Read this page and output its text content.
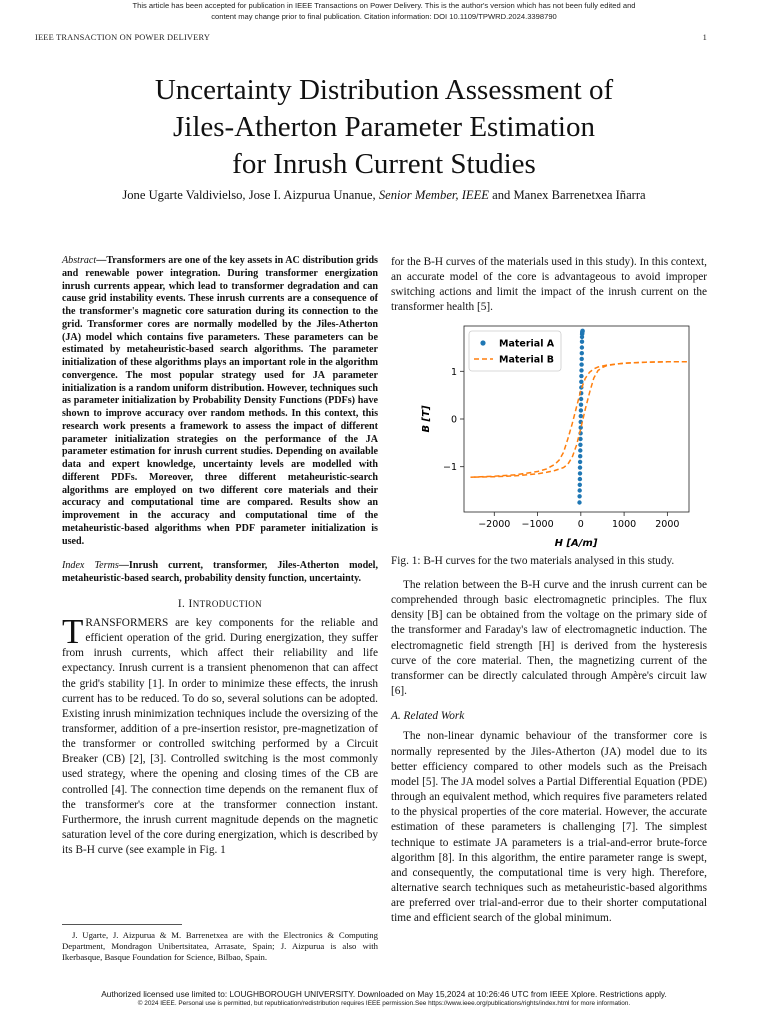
This article has been accepted for publication in IEEE Transactions on Power Delivery. This is the author's version which has not been fully edited and
content may change prior to final publication. Citation information: DOI 10.1109/TPWRD.2024.3398790
IEEE TRANSACTION ON POWER DELIVERY	1
Uncertainty Distribution Assessment of
Jiles-Atherton Parameter Estimation
for Inrush Current Studies
Jone Ugarte Valdivielso, Jose I. Aizpurua Unanue, Senior Member, IEEE and Manex Barrenetxea Iñarra
Abstract—Transformers are one of the key assets in AC distribution grids and renewable power integration. During transformer energization inrush currents appear, which lead to transformer degradation and can cause grid instability events. These inrush currents are a consequence of the transformer's magnetic core saturation during its connection to the grid. Transformer cores are normally modelled by the Jiles-Atherton (JA) model which contains five parameters. These parameters can be estimated by metaheuristic-based search algorithms. The parameter initialization of these algorithms plays an important role in the algorithm convergence. The most popular strategy used for JA parameter initialization is a random uniform distribution. However, techniques such as parameter initialization by Probability Density Functions (PDFs) have shown to improve accuracy over random methods. In this context, this research work presents a framework to assess the impact of different parameter initialization strategies on the performance of the JA parameter estimation for inrush current studies. Depending on available data and expert knowledge, uncertainty levels are modelled with different PDFs. Moreover, three different metaheuristic-search algorithms are employed on two different core materials and their accuracy and computational time are compared. Results show an improvement in the accuracy and computational time of the metaheuristic-based algorithms when PDF parameter initialization is used.
Index Terms—Inrush current, transformer, Jiles-Atherton model, metaheuristic-based search, probability density function, uncertainty.
I. INTRODUCTION

TRANSFORMERS are key components for the reliable and efficient operation of the grid. During energization, they suffer from inrush currents, which affect their reliability and life expectancy. Inrush current is a transient phenomenon that can affect the grid's stability [1]. In order to minimize these effects, the inrush current has to be reduced. To do so, several solutions can be adopted. Existing inrush minimization techniques include the oversizing of the transformer, addition of a pre-insertion resistor, pre-magnetization of the transformer or controlled switching performed by a Circuit Breaker (CB) [2], [3]. Controlled switching is the most commonly used strategy, where the opening and closing times of the CB are controlled [4]. The connection time depends on the remanent flux of the transformer's core at the transformer connection instant. Furthermore, the inrush current magnitude depends on the magnetic saturation level of the core during energization, which is described by its B-H curve (see example in Fig. 1

J. Ugarte, J. Aizpurua & M. Barrenetxea are with the Electronics & Computing Department, Mondragon Unibertsitatea, Arrasate, Spain; J. Aizpurua is also with Ikerbasque, Basque Foundation for Science, Bilbao, Spain.

for the B-H curves of the materials used in this study). In this context, an accurate model of the core is advantageous to avoid improper switching actions and limit the impact of the inrush current on the transformer health [5].

−2000 −1000	0	1000 2000
−1
0
1
H [A/m]
B [T]
Material A
Material B
Fig. 1: B-H curves for the two materials analysed in this study.

The relation between the B-H curve and the inrush current can be comprehended through basic electromagnetic principles. The flux density [B] can be obtained from the voltage on the primary side of the transformer and Faraday's law of electromagnetic induction. The electromagnetic field strength [H] is derived from the hysteresis curve of the core material. Then, the magnetizing current of the transformer can be directly calculated through Ampère's circuit law [6].

A. Related Work

The non-linear dynamic behaviour of the transformer core is normally represented by the Jiles-Atherton (JA) model due to its better efficiency compared to other models such as the Preisach model [5]. The JA model solves a Partial Differential Equation (PDE) through an equivalent method, which requires five parameters related to the physical properties of the core material. However, the accurate estimation of these parameters is challenging [7]. The simplest technique to estimate JA parameters is a trial-and-error brute-force algorithm [8]. In this algorithm, the entire parameter range is swept, and consequently, the computational time is very high. Therefore, alternative search techniques such as metaheuristic-based algorithms are preferred over trial-and-error due to their shorter computational time and efficient search of the global minimum.

Authorized licensed use limited to: LOUGHBOROUGH UNIVERSITY. Downloaded on May 15,2024 at 10:26:46 UTC from IEEE Xplore. Restrictions apply.
© 2024 IEEE. Personal use is permitted, but republication/redistribution requires IEEE permission.See https://www.ieee.org/publications/rights/index.html for more information.
